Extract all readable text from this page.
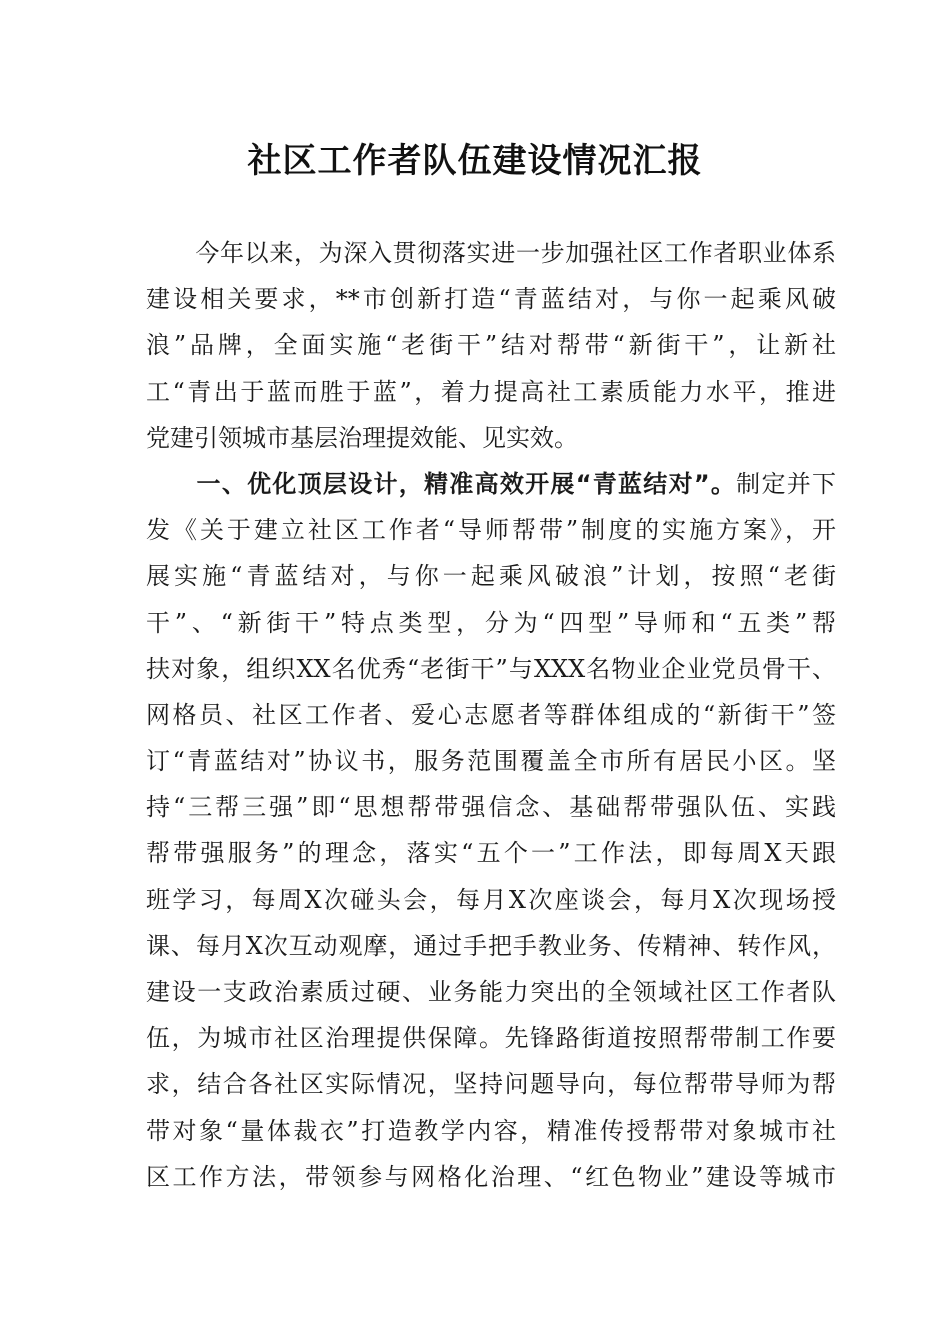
社区工作者队伍建设情况汇报
　　今年以来，为深入贯彻落实进一步加强社区工作者职业体系
建设相关要求，**市创新打造“青蓝结对，与你一起乘风破
浪”品牌，全面实施“老街干”结对帮带“新街干”，让新社
工“青出于蓝而胜于蓝”，着力提高社工素质能力水平，推进
党建引领城市基层治理提效能、见实效。
　　一、优化顶层设计，精准高效开展“青蓝结对”。制定并下
发《关于建立社区工作者“导师帮带”制度的实施方案》，开
展实施“青蓝结对，与你一起乘风破浪”计划，按照“老街
干”、“新街干”特点类型，分为“四型”导师和“五类”帮
扶对象，组织XX名优秀“老街干”与XXX名物业企业党员骨干、
网格员、社区工作者、爱心志愿者等群体组成的“新街干”签
订“青蓝结对”协议书，服务范围覆盖全市所有居民小区。坚
持“三帮三强”即“思想帮带强信念、基础帮带强队伍、实践
帮带强服务”的理念，落实“五个一”工作法，即每周X天跟
班学习，每周X次碰头会，每月X次座谈会，每月X次现场授
课、每月X次互动观摩，通过手把手教业务、传精神、转作风，
建设一支政治素质过硬、业务能力突出的全领域社区工作者队
伍，为城市社区治理提供保障。先锋路街道按照帮带制工作要
求，结合各社区实际情况，坚持问题导向，每位帮带导师为帮
带对象“量体裁衣”打造教学内容，精准传授帮带对象城市社
区工作方法，带领参与网格化治理、“红色物业”建设等城市
